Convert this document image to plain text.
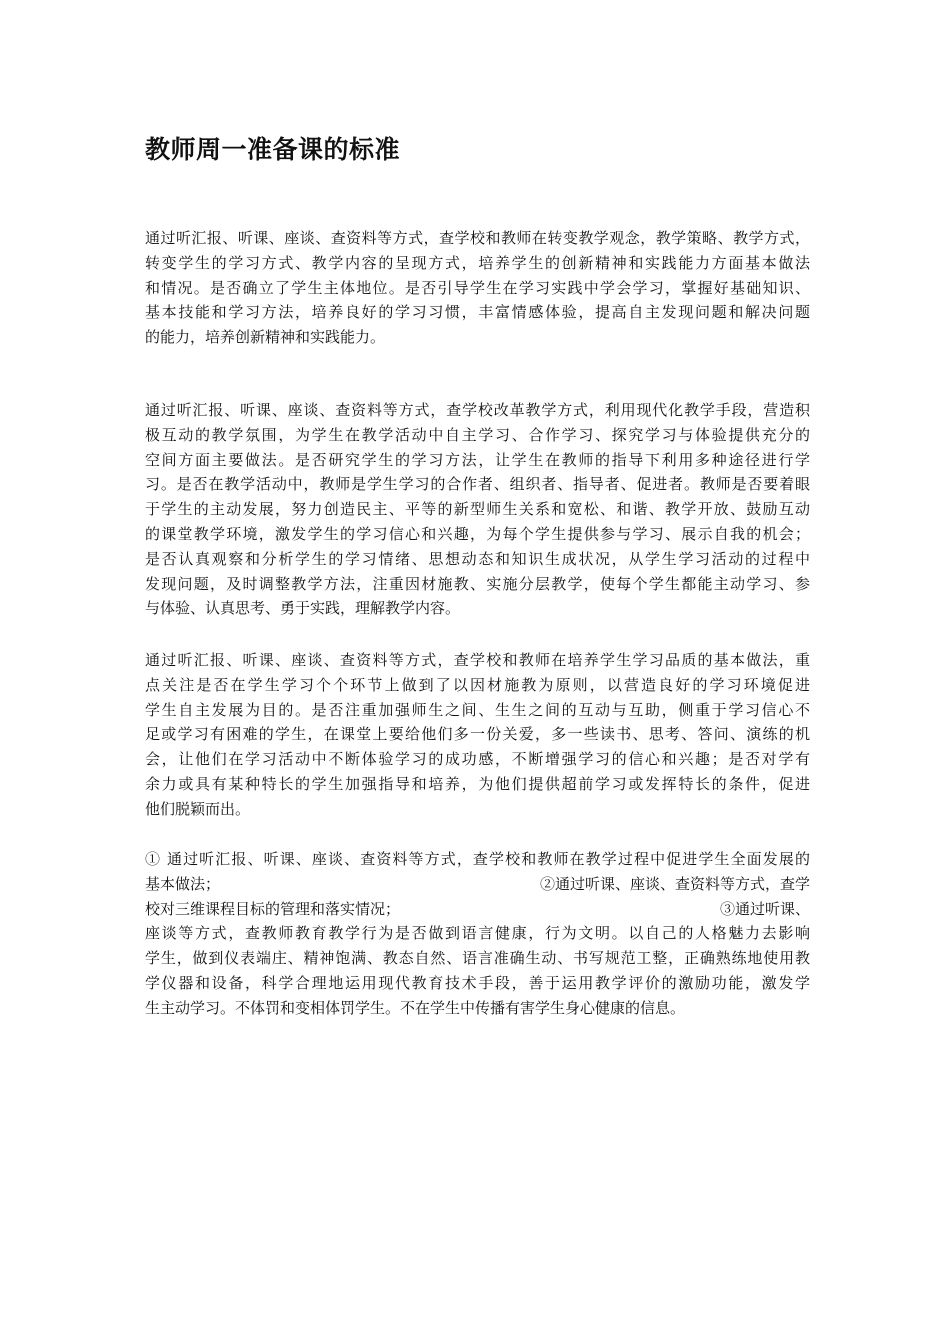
教师周一准备课的标准

通过听汇报、听课、座谈、查资料等方式，查学校和教师在转变教学观念，教学策略、教学方式，
转变学生的学习方式、教学内容的呈现方式，培养学生的创新精神和实践能力方面基本做法
和情况。是否确立了学生主体地位。是否引导学生在学习实践中学会学习，掌握好基础知识、
基本技能和学习方法，培养良好的学习习惯，丰富情感体验，提高自主发现问题和解决问题
的能力，培养创新精神和实践能力。

通过听汇报、听课、座谈、查资料等方式，查学校改革教学方式，利用现代化教学手段，营造积
极互动的教学氛围，为学生在教学活动中自主学习、合作学习、探究学习与体验提供充分的
空间方面主要做法。是否研究学生的学习方法，让学生在教师的指导下利用多种途径进行学
习。是否在教学活动中，教师是学生学习的合作者、组织者、指导者、促进者。教师是否要着眼
于学生的主动发展，努力创造民主、平等的新型师生关系和宽松、和谐、教学开放、鼓励互动
的课堂教学环境，激发学生的学习信心和兴趣，为每个学生提供参与学习、展示自我的机会；
是否认真观察和分析学生的学习情绪、思想动态和知识生成状况，从学生学习活动的过程中
发现问题，及时调整教学方法，注重因材施教、实施分层教学，使每个学生都能主动学习、参
与体验、认真思考、勇于实践，理解教学内容。

通过听汇报、听课、座谈、查资料等方式，查学校和教师在培养学生学习品质的基本做法，重
点关注是否在学生学习个个环节上做到了以因材施教为原则，以营造良好的学习环境促进
学生自主发展为目的。是否注重加强师生之间、生生之间的互动与互助，侧重于学习信心不
足或学习有困难的学生，在课堂上要给他们多一份关爱，多一些读书、思考、答问、演练的机
会，让他们在学习活动中不断体验学习的成功感，不断增强学习的信心和兴趣；是否对学有
余力或具有某种特长的学生加强指导和培养，为他们提供超前学习或发挥特长的条件，促进
他们脱颖而出。

① 通过听汇报、听课、座谈、查资料等方式，查学校和教师在教学过程中促进学生全面发展的
基本做法；	②通过听课、座谈、查资料等方式，查学
校对三维课程目标的管理和落实情况；	③通过听课、
座谈等方式，查教师教育教学行为是否做到语言健康，行为文明。以自己的人格魅力去影响
学生，做到仪表端庄、精神饱满、教态自然、语言准确生动、书写规范工整，正确熟练地使用教
学仪器和设备，科学合理地运用现代教育技术手段，善于运用教学评价的激励功能，激发学
生主动学习。不体罚和变相体罚学生。不在学生中传播有害学生身心健康的信息。
